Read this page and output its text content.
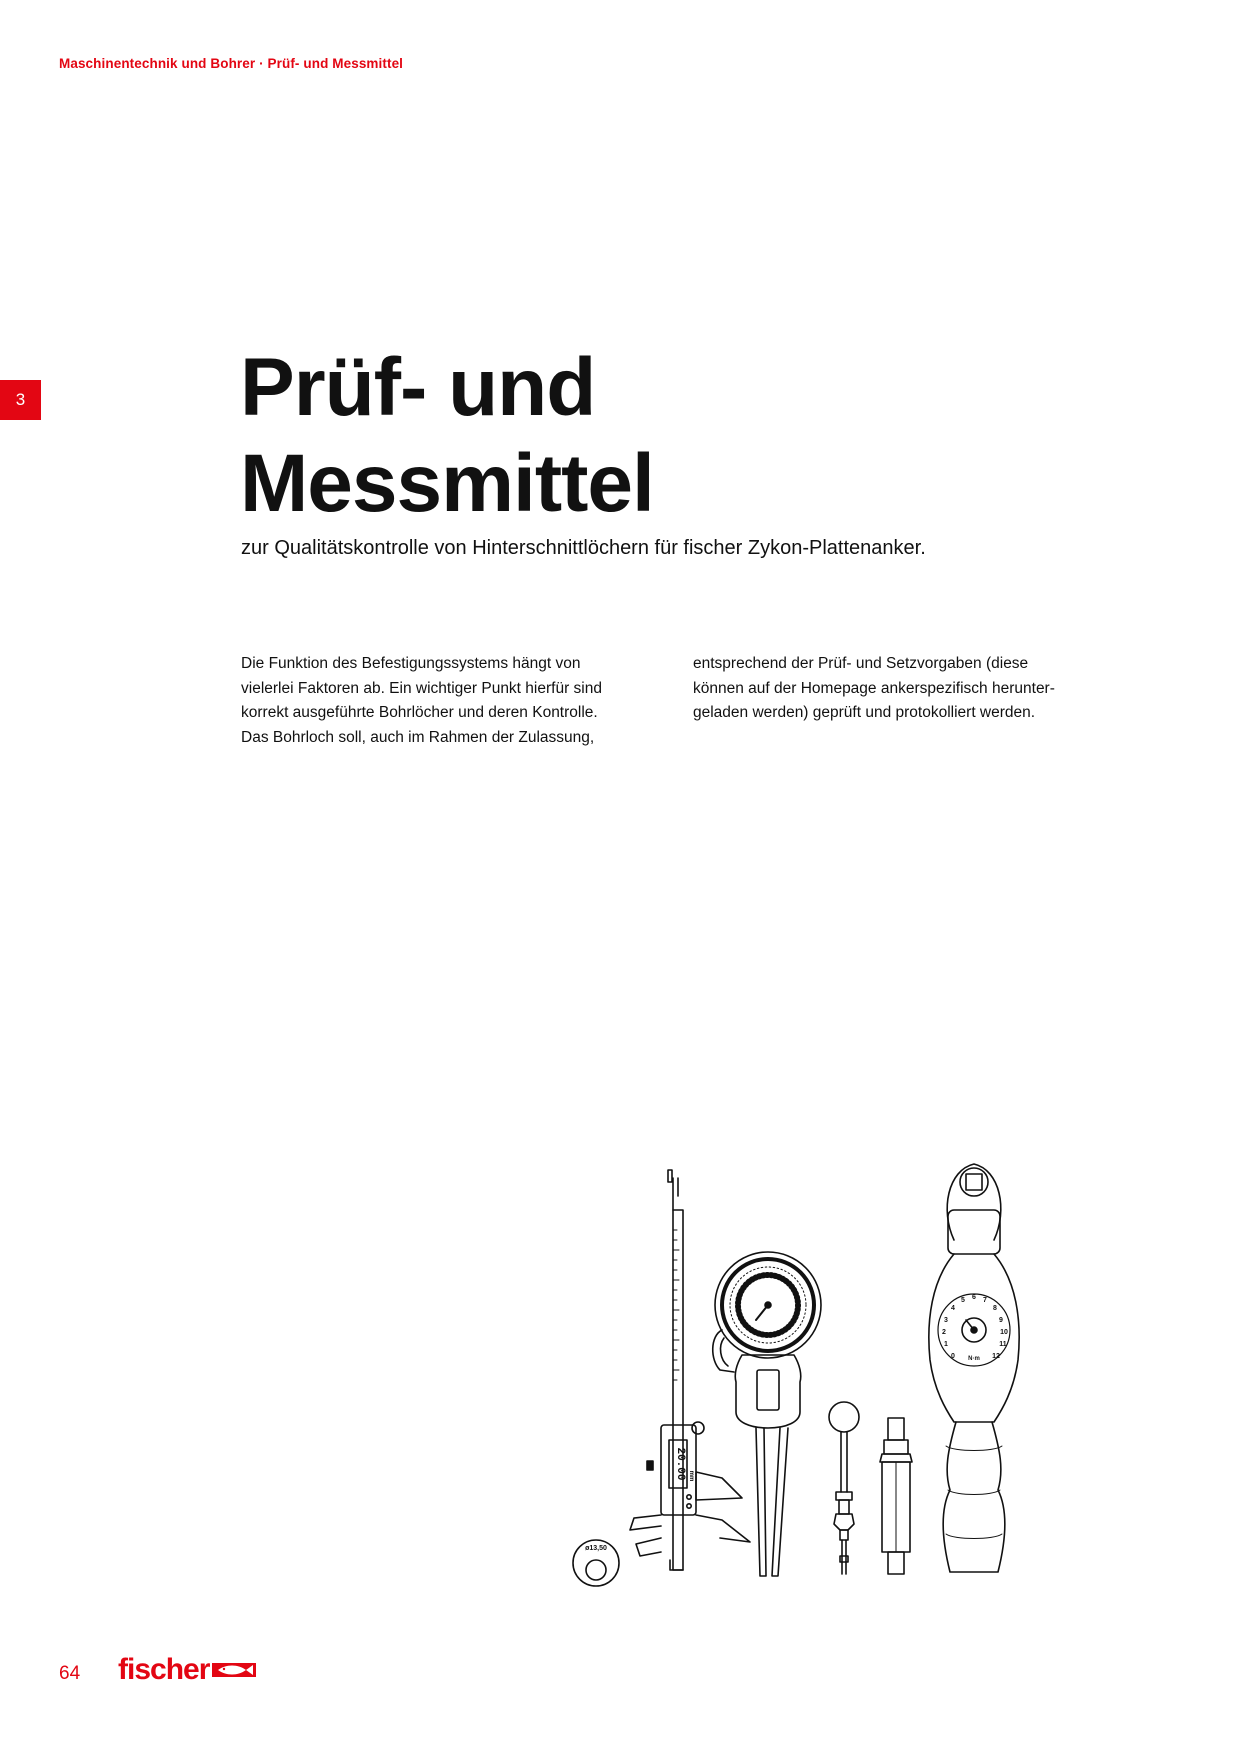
Maschinentechnik und Bohrer · Prüf- und Messmittel
3	Prüf- und
Messmittel
zur Qualitätskontrolle von Hinterschnittlöchern für fischer Zykon-Plattenanker.
Die Funktion des Befestigungssystems hängt von
vielerlei Faktoren ab. Ein wichtiger Punkt hierfür sind
korrekt ausgeführte Bohrlöcher und deren Kontrolle.
Das Bohrloch soll, auch im Rahmen der Zulassung,
entsprechend der Prüf- und Setzvorgaben (diese
können auf der Homepage ankerspezifisch herunter-
geladen werden) geprüft und protokolliert werden.
ø13,50
20.00 mm
0
1
2
3
4
5 6 7
8
9
10
11
12
N·m
64 fischer
